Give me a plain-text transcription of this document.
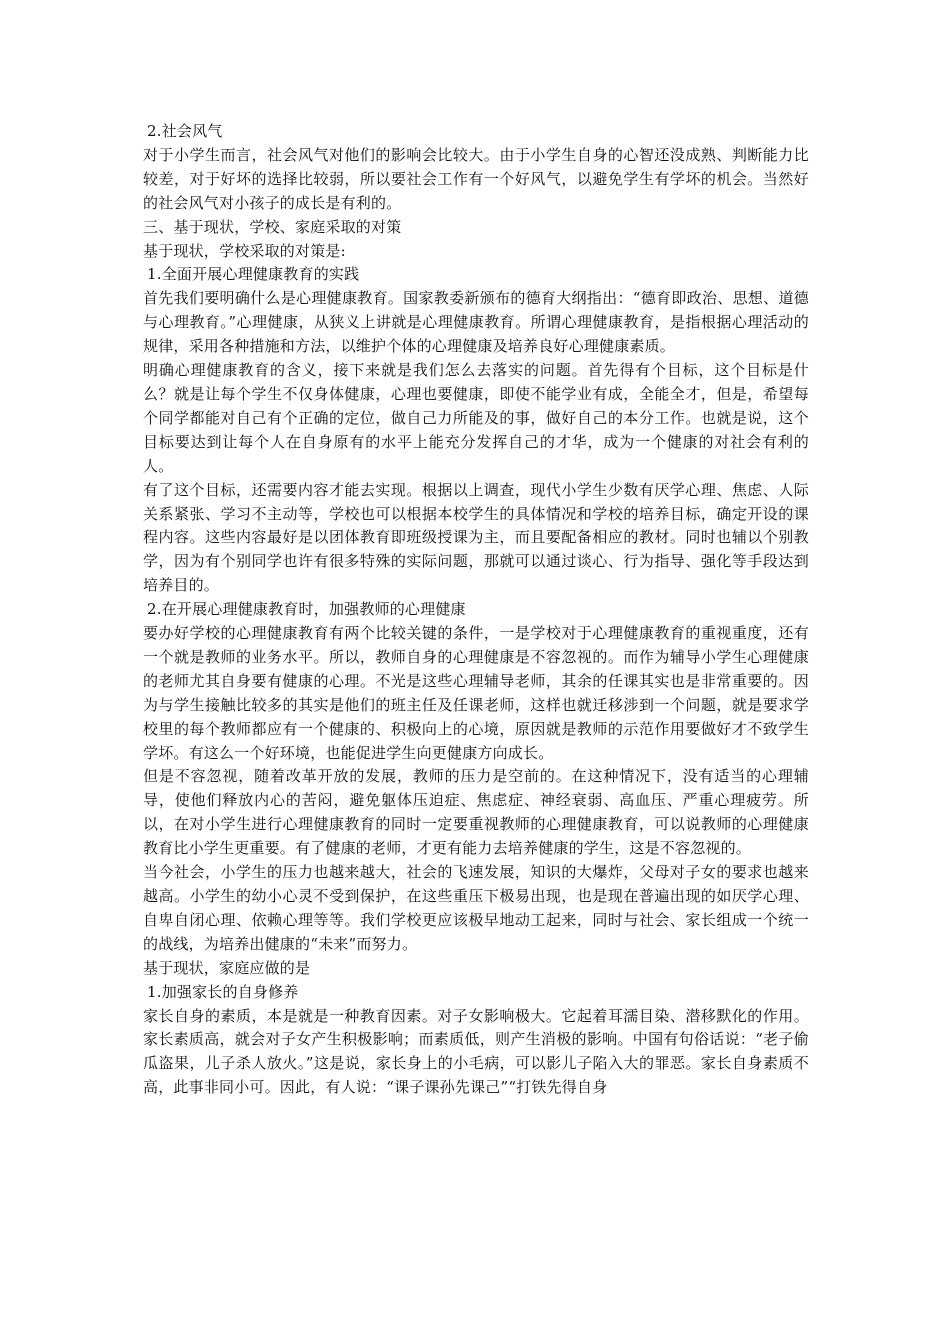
2.社会风气

对于小学生而言，社会风气对他们的影响会比较大。由于小学生自身的心智还没成熟、判断能力比较差，对于好坏的选择比较弱，所以要社会工作有一个好风气，以避免学生有学坏的机会。当然好的社会风气对小孩子的成长是有利的。

三、基于现状，学校、家庭采取的对策

基于现状，学校采取的对策是:

1.全面开展心理健康教育的实践

首先我们要明确什么是心理健康教育。国家教委新颁布的德育大纲指出：“德育即政治、思想、道德与心理教育。”心理健康，从狭义上讲就是心理健康教育。所谓心理健康教育，是指根据心理活动的规律，采用各种措施和方法，以维护个体的心理健康及培养良好心理健康素质。

明确心理健康教育的含义，接下来就是我们怎么去落实的问题。首先得有个目标，这个目标是什么？就是让每个学生不仅身体健康，心理也要健康，即使不能学业有成，全能全才，但是，希望每个同学都能对自己有个正确的定位，做自己力所能及的事，做好自己的本分工作。也就是说，这个目标要达到让每个人在自身原有的水平上能充分发挥自己的才华，成为一个健康的对社会有利的人。

有了这个目标，还需要内容才能去实现。根据以上调查，现代小学生少数有厌学心理、焦虑、人际关系紧张、学习不主动等，学校也可以根据本校学生的具体情况和学校的培养目标，确定开设的课程内容。这些内容最好是以团体教育即班级授课为主，而且要配备相应的教材。同时也辅以个别教学，因为有个别同学也许有很多特殊的实际问题，那就可以通过谈心、行为指导、强化等手段达到培养目的。

2.在开展心理健康教育时，加强教师的心理健康

要办好学校的心理健康教育有两个比较关键的条件，一是学校对于心理健康教育的重视重度，还有一个就是教师的业务水平。所以，教师自身的心理健康是不容忽视的。而作为辅导小学生心理健康的老师尤其自身要有健康的心理。不光是这些心理辅导老师，其余的任课其实也是非常重要的。因为与学生接触比较多的其实是他们的班主任及任课老师，这样也就迁移涉到一个问题，就是要求学校里的每个教师都应有一个健康的、积极向上的心境，原因就是教师的示范作用要做好才不致学生学坏。有这么一个好环境，也能促进学生向更健康方向成长。

但是不容忽视，随着改革开放的发展，教师的压力是空前的。在这种情况下，没有适当的心理辅导，使他们释放内心的苦闷，避免躯体压迫症、焦虑症、神经衰弱、高血压、严重心理疲劳。所以，在对小学生进行心理健康教育的同时一定要重视教师的心理健康教育，可以说教师的心理健康教育比小学生更重要。有了健康的老师，才更有能力去培养健康的学生，这是不容忽视的。

当今社会，小学生的压力也越来越大，社会的飞速发展，知识的大爆炸，父母对子女的要求也越来越高。小学生的幼小心灵不受到保护，在这些重压下极易出现，也是现在普遍出现的如厌学心理、自卑自闭心理、依赖心理等等。我们学校更应该极早地动工起来，同时与社会、家长组成一个统一的战线，为培养出健康的“未来”而努力。

基于现状，家庭应做的是

1.加强家长的自身修养

家长自身的素质，本是就是一种教育因素。对子女影响极大。它起着耳濡目染、潜移默化的作用。家长素质高，就会对子女产生积极影响；而素质低，则产生消极的影响。中国有句俗话说：“老子偷瓜盗果，儿子杀人放火。”这是说，家长身上的小毛病，可以影儿子陷入大的罪恶。家长自身素质不高，此事非同小可。因此，有人说：“课子课孙先课己”“打铁先得自身
